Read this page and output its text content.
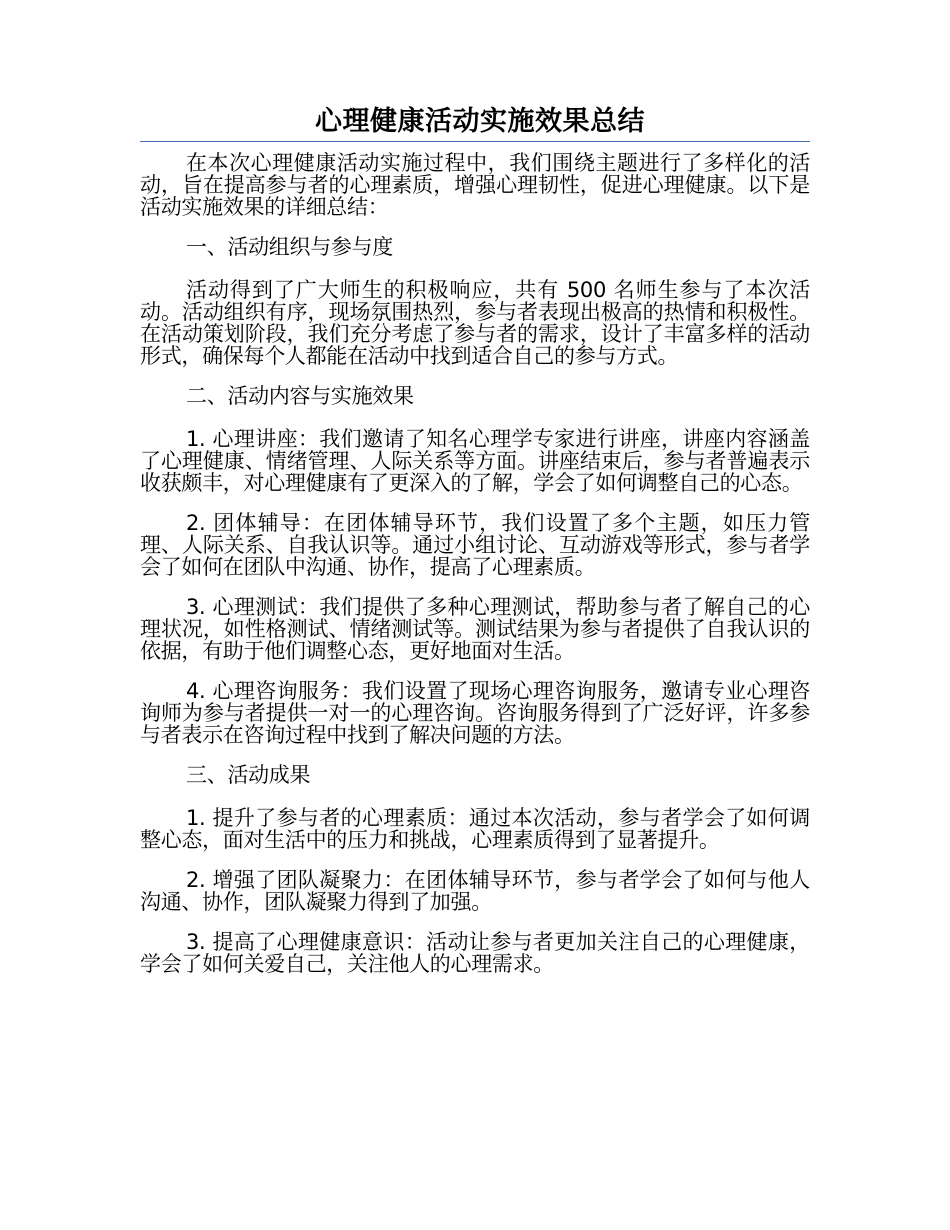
心理健康活动实施效果总结

在本次心理健康活动实施过程中，我们围绕主题进行了多样化的活动，旨在提高参与者的心理素质，增强心理韧性，促进心理健康。以下是活动实施效果的详细总结：

一、活动组织与参与度

活动得到了广大师生的积极响应，共有 500 名师生参与了本次活动。活动组织有序，现场氛围热烈，参与者表现出极高的热情和积极性。在活动策划阶段，我们充分考虑了参与者的需求，设计了丰富多样的活动形式，确保每个人都能在活动中找到适合自己的参与方式。

二、活动内容与实施效果

1. 心理讲座：我们邀请了知名心理学专家进行讲座，讲座内容涵盖了心理健康、情绪管理、人际关系等方面。讲座结束后，参与者普遍表示收获颇丰，对心理健康有了更深入的了解，学会了如何调整自己的心态。

2. 团体辅导：在团体辅导环节，我们设置了多个主题，如压力管理、人际关系、自我认识等。通过小组讨论、互动游戏等形式，参与者学会了如何在团队中沟通、协作，提高了心理素质。

3. 心理测试：我们提供了多种心理测试，帮助参与者了解自己的心理状况，如性格测试、情绪测试等。测试结果为参与者提供了自我认识的依据，有助于他们调整心态，更好地面对生活。

4. 心理咨询服务：我们设置了现场心理咨询服务，邀请专业心理咨询师为参与者提供一对一的心理咨询。咨询服务得到了广泛好评，许多参与者表示在咨询过程中找到了解决问题的方法。

三、活动成果

1. 提升了参与者的心理素质：通过本次活动，参与者学会了如何调整心态，面对生活中的压力和挑战，心理素质得到了显著提升。

2. 增强了团队凝聚力：在团体辅导环节，参与者学会了如何与他人沟通、协作，团队凝聚力得到了加强。

3. 提高了心理健康意识：活动让参与者更加关注自己的心理健康，学会了如何关爱自己，关注他人的心理需求。
